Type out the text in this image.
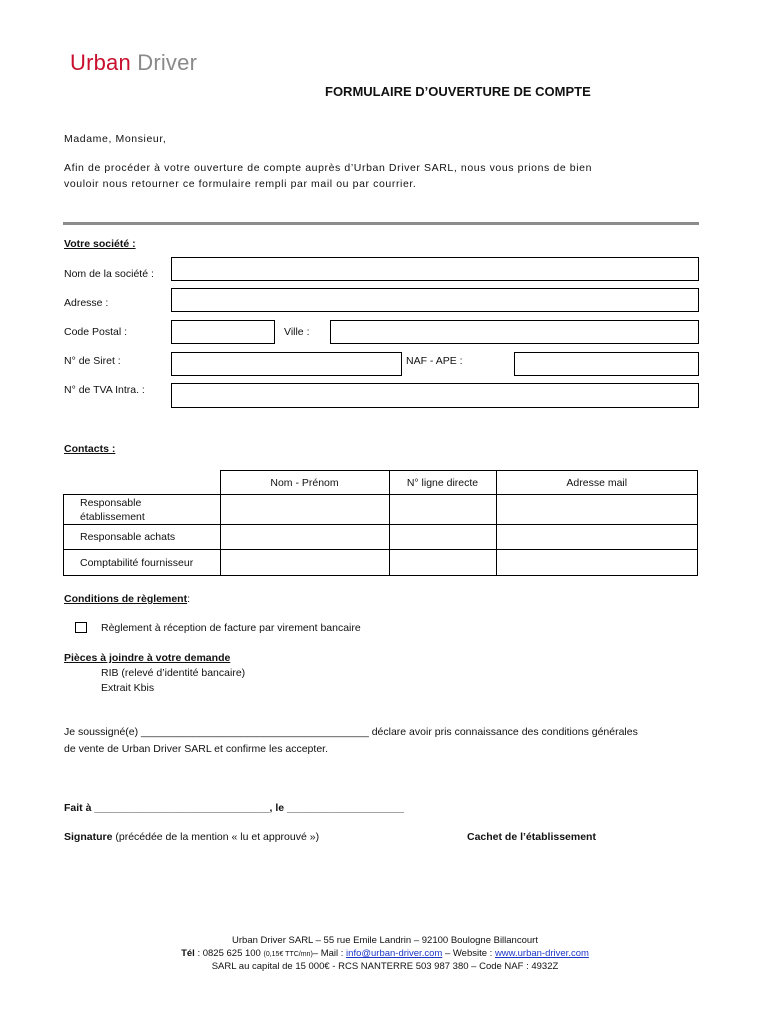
Urban Driver
FORMULAIRE D’OUVERTURE DE COMPTE
Madame, Monsieur,
Afin de procéder à votre ouverture de compte auprès d’Urban Driver SARL, nous vous prions de bien
vouloir nous retourner ce formulaire rempli par mail ou par courrier.
Votre société :
Nom de la société :
Adresse :
Code Postal :	Ville :
N° de Siret :	NAF - APE :
N° de TVA Intra. :
Contacts :
	Nom - Prénom	N° ligne directe	Adresse mail
Responsable
établissement			
Responsable achats			
Comptabilité fournisseur			
Conditions de règlement:
Règlement à réception de facture par virement bancaire
Pièces à joindre à votre demande
RIB (relevé d’identité bancaire)
Extrait Kbis
Je soussigné(e) _______________________________________ déclare avoir pris connaissance des conditions générales
de vente de Urban Driver SARL et confirme les accepter.
Fait à ______________________________, le ____________________
Signature (précédée de la mention « lu et approuvé »)	Cachet de l’établissement
Urban Driver SARL – 55 rue Emile Landrin – 92100 Boulogne Billancourt
Tél : 0825 625 100 (0,15€ TTC/mn)– Mail : info@urban-driver.com – Website : www.urban-driver.com
SARL au capital de 15 000€ - RCS NANTERRE 503 987 380 – Code NAF : 4932Z
